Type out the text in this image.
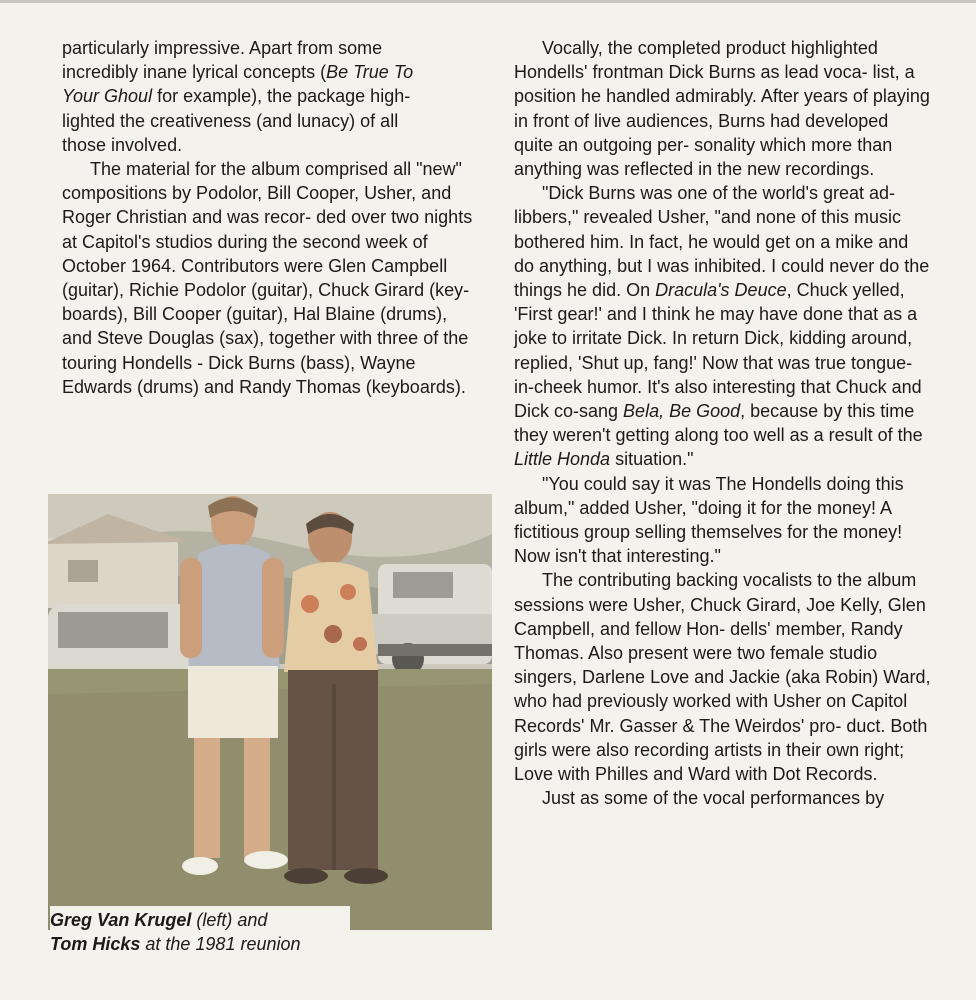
particularly impressive. Apart from some
incredibly inane lyrical concepts (Be True To
Your Ghoul for example), the package high-
lighted the creativeness (and lunacy) of all
those involved.

The material for the album comprised all "new" compositions by Podolor, Bill Cooper, Usher, and Roger Christian and was recor- ded over two nights at Capitol's studios during the second week of October 1964. Contributors were Glen Campbell (guitar), Richie Podolor (guitar), Chuck Girard (key- boards), Bill Cooper (guitar), Hal Blaine (drums), and Steve Douglas (sax), together with three of the touring Hondells - Dick Burns (bass), Wayne Edwards (drums) and Randy Thomas (keyboards).

Greg Van Krugel (left) and
Tom Hicks at the 1981 reunion

Vocally, the completed product highlighted Hondells' frontman Dick Burns as lead voca- list, a position he handled admirably. After years of playing in front of live audiences, Burns had developed quite an outgoing per- sonality which more than anything was reflected in the new recordings.

"Dick Burns was one of the world's great ad-libbers," revealed Usher, "and none of this music bothered him. In fact, he would get on a mike and do anything, but I was inhibited. I could never do the things he did. On Dracula's Deuce, Chuck yelled, 'First gear!' and I think he may have done that as a joke to irritate Dick. In return Dick, kidding around, replied, 'Shut up, fang!' Now that was true tongue-in-cheek humor. It's also interesting that Chuck and Dick co-sang Bela, Be Good, because by this time they weren't getting along too well as a result of the Little Honda situation."

"You could say it was The Hondells doing this album," added Usher, "doing it for the money! A fictitious group selling themselves for the money! Now isn't that interesting."

The contributing backing vocalists to the album sessions were Usher, Chuck Girard, Joe Kelly, Glen Campbell, and fellow Hon- dells' member, Randy Thomas. Also present were two female studio singers, Darlene Love and Jackie (aka Robin) Ward, who had previously worked with Usher on Capitol Records' Mr. Gasser & The Weirdos' pro- duct. Both girls were also recording artists in their own right; Love with Philles and Ward with Dot Records.

Just as some of the vocal performances by
